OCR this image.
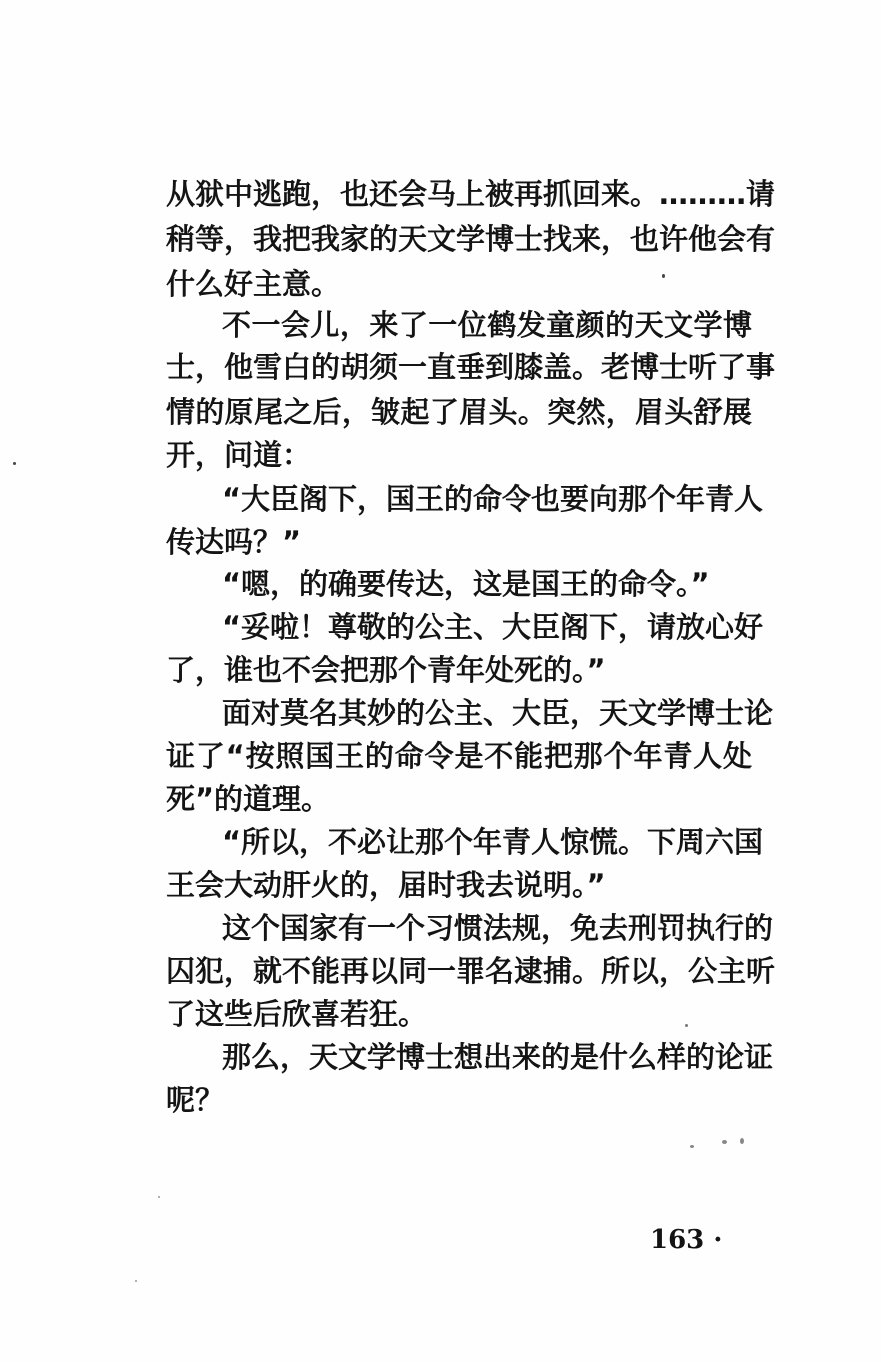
从狱中逃跑，也还会马上被再抓回来。………请
稍等，我把我家的天文学博士找来，也许他会有
什么好主意。
不一会儿，来了一位鹤发童颜的天文学博
士，他雪白的胡须一直垂到膝盖。老博士听了事
情的原尾之后，皱起了眉头。突然，眉头舒展
开，问道：
“大臣阁下，国王的命令也要向那个年青人
传达吗？”
“嗯，的确要传达，这是国王的命令。”
“妥啦！尊敬的公主、大臣阁下，请放心好
了，谁也不会把那个青年处死的。”
面对莫名其妙的公主、大臣，天文学博士论
证了“按照国王的命令是不能把那个年青人处
死”的道理。
“所以，不必让那个年青人惊慌。下周六国
王会大动肝火的，届时我去说明。”
这个国家有一个习惯法规，免去刑罚执行的
囚犯，就不能再以同一罪名逮捕。所以，公主听
了这些后欣喜若狂。
那么，天文学博士想出来的是什么样的论证
呢？
163 ·
